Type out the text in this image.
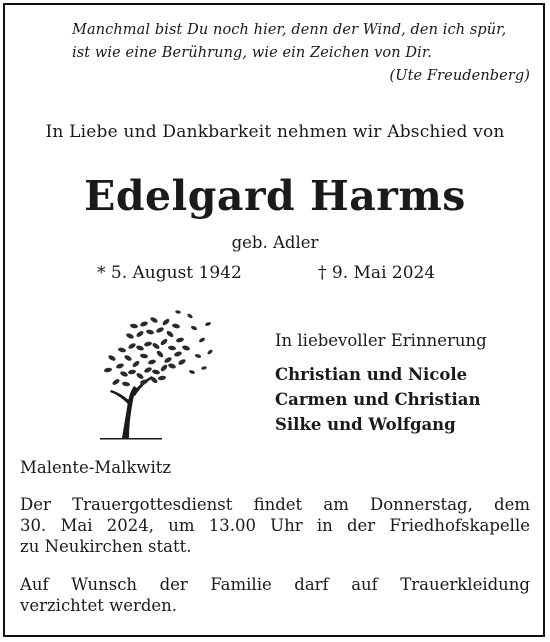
Manchmal bist Du noch hier, denn der Wind, den ich spür,
ist wie eine Berührung, wie ein Zeichen von Dir.
(Ute Freudenberg)
In Liebe und Dankbarkeit nehmen wir Abschied von
Edelgard Harms
geb. Adler
* 5. August 1942	† 9. Mai 2024
In liebevoller Erinnerung
Christian und Nicole
Carmen und Christian
Silke und Wolfgang
Malente-Malkwitz
Der Trauergottesdienst findet am Donnerstag, dem
30. Mai 2024, um 13.00 Uhr in der Friedhofskapelle
zu Neukirchen statt.
Auf Wunsch der Familie darf auf Trauerkleidung
verzichtet werden.
